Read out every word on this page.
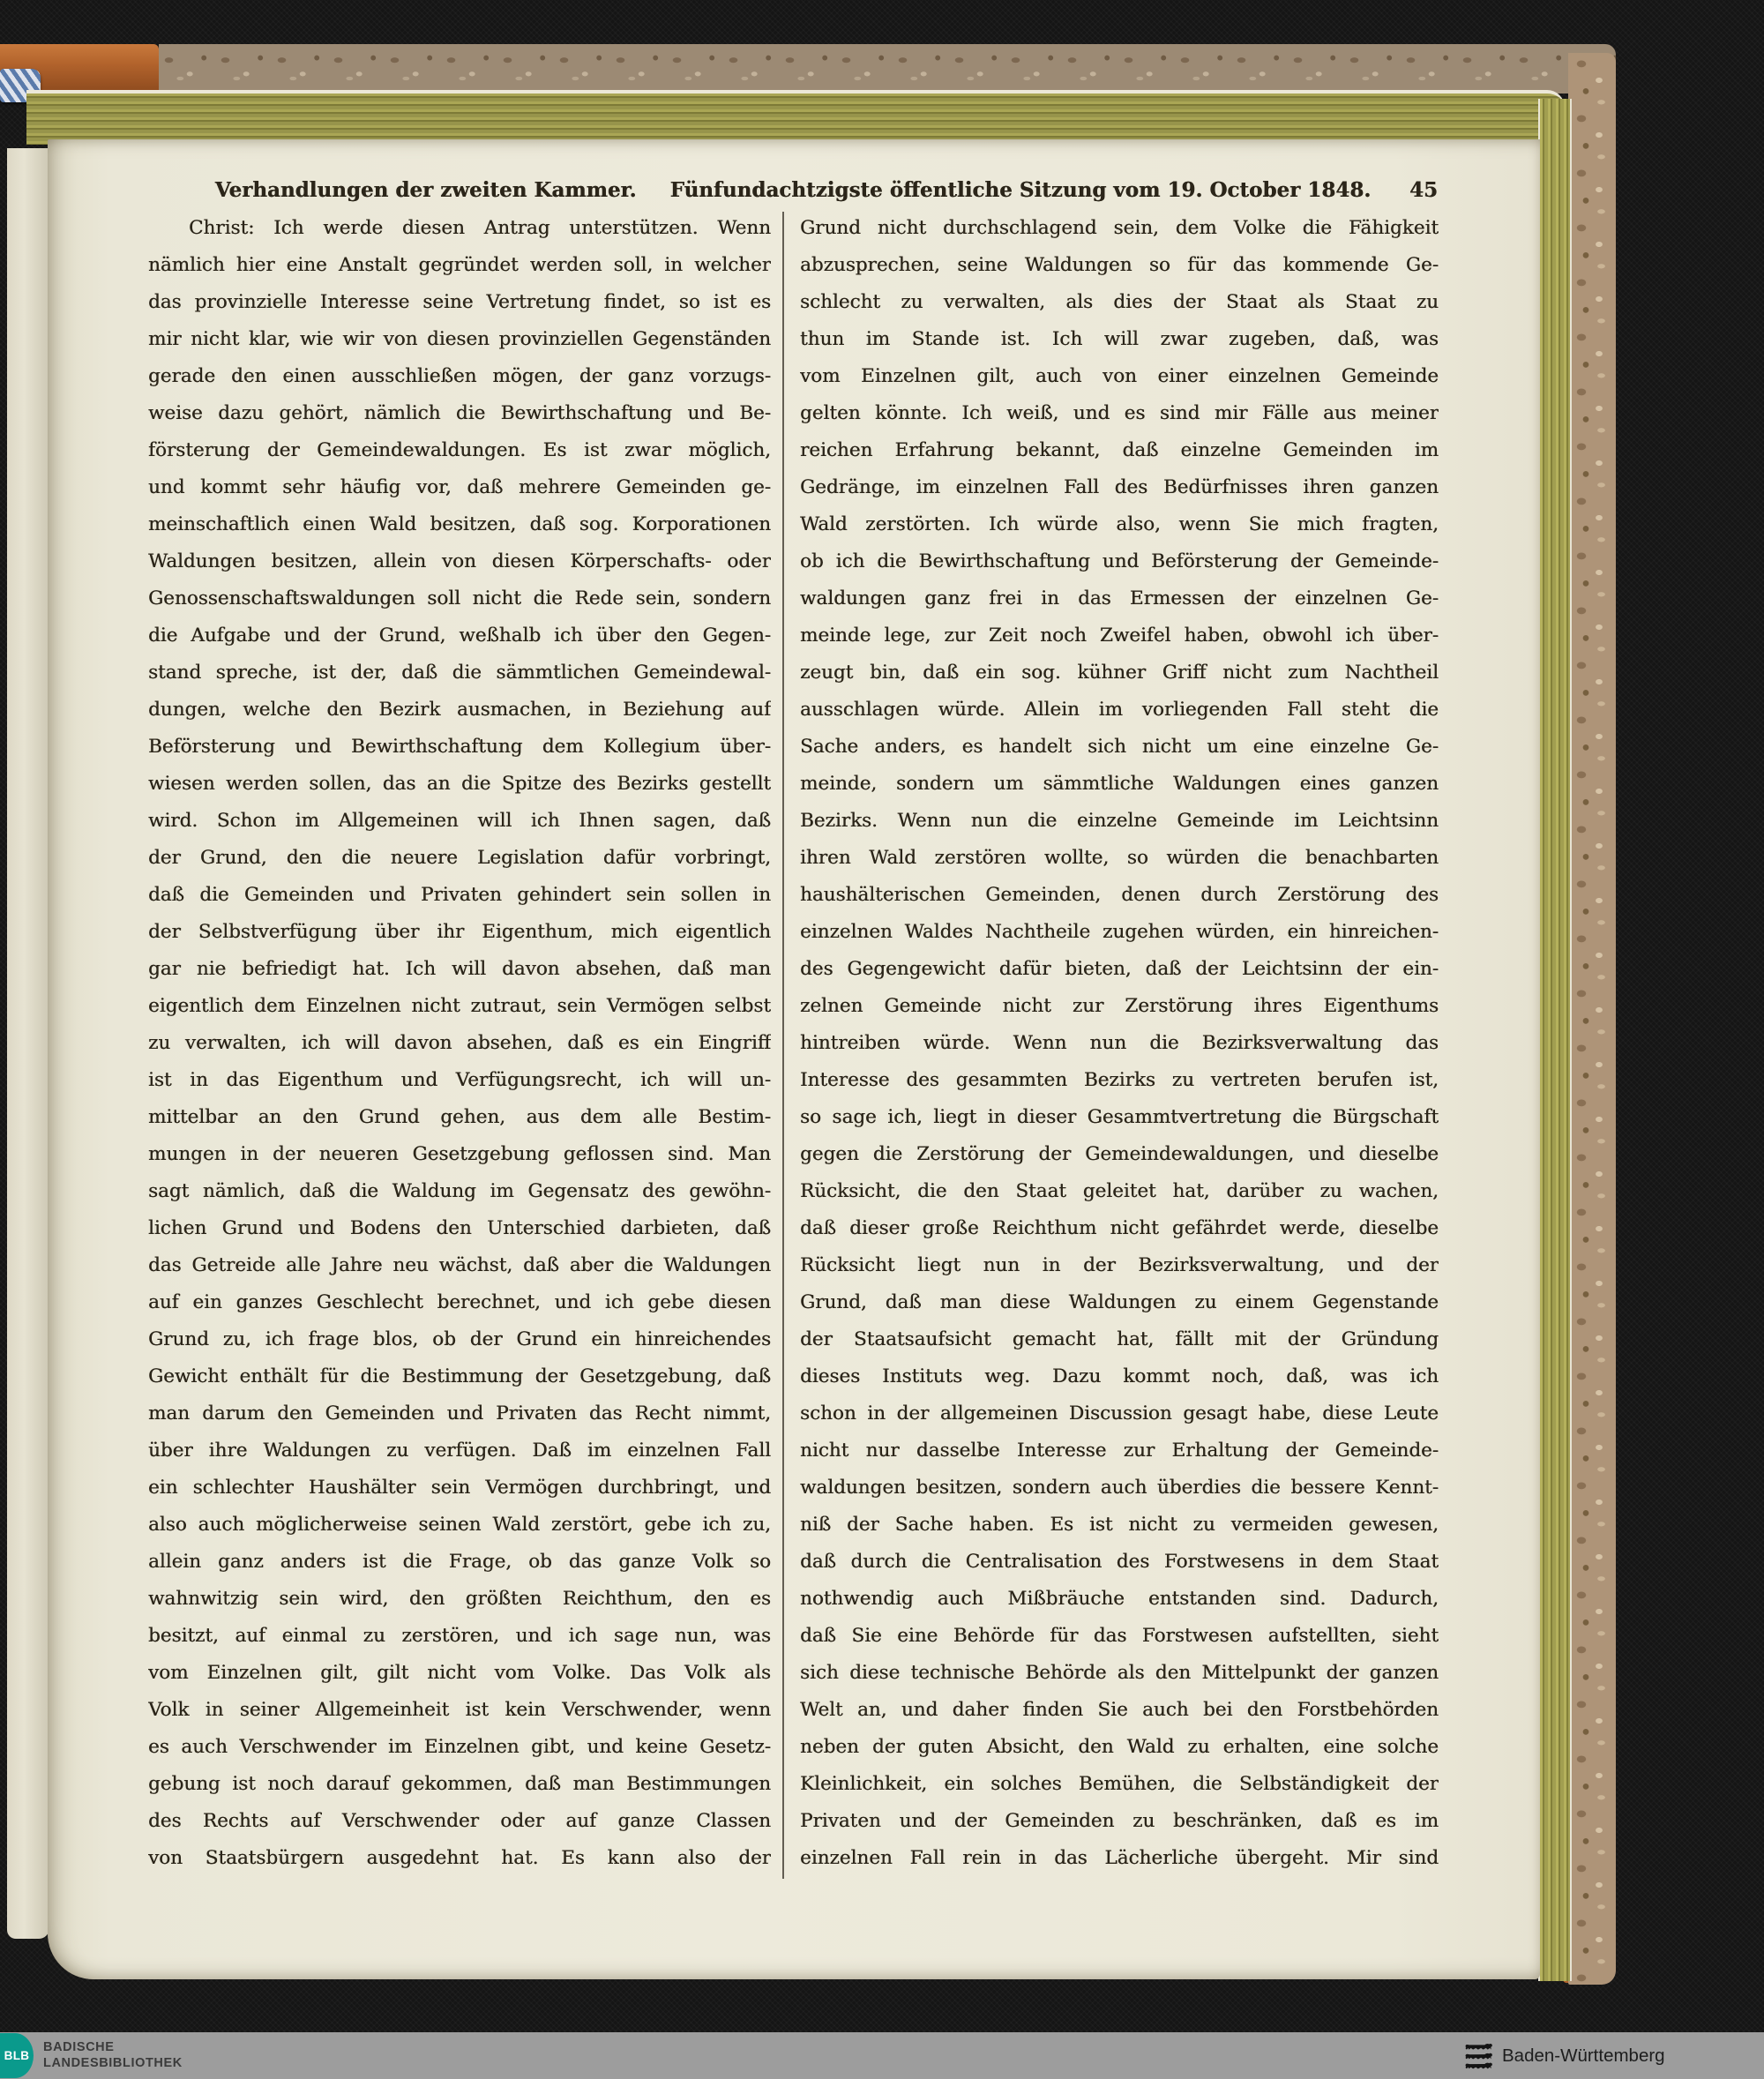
Verhandlungen der zweiten Kammer. Fünfundachtzigste öffentliche Sitzung vom 19. October 1848.	45
Christ: Ich werde diesen Antrag unterstützen. Wenn
nämlich hier eine Anstalt gegründet werden soll, in welcher
das provinzielle Interesse seine Vertretung findet, so ist es
mir nicht klar, wie wir von diesen provinziellen Gegenständen
gerade den einen ausschließen mögen, der ganz vorzugs-
weise dazu gehört, nämlich die Bewirthschaftung und Be-
försterung der Gemeindewaldungen. Es ist zwar möglich,
und kommt sehr häufig vor, daß mehrere Gemeinden ge-
meinschaftlich einen Wald besitzen, daß sog. Korporationen
Waldungen besitzen, allein von diesen Körperschafts- oder
Genossenschaftswaldungen soll nicht die Rede sein, sondern
die Aufgabe und der Grund, weßhalb ich über den Gegen-
stand spreche, ist der, daß die sämmtlichen Gemeindewal-
dungen, welche den Bezirk ausmachen, in Beziehung auf
Beförsterung und Bewirthschaftung dem Kollegium über-
wiesen werden sollen, das an die Spitze des Bezirks gestellt
wird. Schon im Allgemeinen will ich Ihnen sagen, daß
der Grund, den die neuere Legislation dafür vorbringt,
daß die Gemeinden und Privaten gehindert sein sollen in
der Selbstverfügung über ihr Eigenthum, mich eigentlich
gar nie befriedigt hat. Ich will davon absehen, daß man
eigentlich dem Einzelnen nicht zutraut, sein Vermögen selbst
zu verwalten, ich will davon absehen, daß es ein Eingriff
ist in das Eigenthum und Verfügungsrecht, ich will un-
mittelbar an den Grund gehen, aus dem alle Bestim-
mungen in der neueren Gesetzgebung geflossen sind. Man
sagt nämlich, daß die Waldung im Gegensatz des gewöhn-
lichen Grund und Bodens den Unterschied darbieten, daß
das Getreide alle Jahre neu wächst, daß aber die Waldungen
auf ein ganzes Geschlecht berechnet, und ich gebe diesen
Grund zu, ich frage blos, ob der Grund ein hinreichendes
Gewicht enthält für die Bestimmung der Gesetzgebung, daß
man darum den Gemeinden und Privaten das Recht nimmt,
über ihre Waldungen zu verfügen. Daß im einzelnen Fall
ein schlechter Haushälter sein Vermögen durchbringt, und
also auch möglicherweise seinen Wald zerstört, gebe ich zu,
allein ganz anders ist die Frage, ob das ganze Volk so
wahnwitzig sein wird, den größten Reichthum, den es
besitzt, auf einmal zu zerstören, und ich sage nun, was
vom Einzelnen gilt, gilt nicht vom Volke. Das Volk als
Volk in seiner Allgemeinheit ist kein Verschwender, wenn
es auch Verschwender im Einzelnen gibt, und keine Gesetz-
gebung ist noch darauf gekommen, daß man Bestimmungen
des Rechts auf Verschwender oder auf ganze Classen
von Staatsbürgern ausgedehnt hat. Es kann also der
Grund nicht durchschlagend sein, dem Volke die Fähigkeit
abzusprechen, seine Waldungen so für das kommende Ge-
schlecht zu verwalten, als dies der Staat als Staat zu
thun im Stande ist. Ich will zwar zugeben, daß, was
vom Einzelnen gilt, auch von einer einzelnen Gemeinde
gelten könnte. Ich weiß, und es sind mir Fälle aus meiner
reichen Erfahrung bekannt, daß einzelne Gemeinden im
Gedränge, im einzelnen Fall des Bedürfnisses ihren ganzen
Wald zerstörten. Ich würde also, wenn Sie mich fragten,
ob ich die Bewirthschaftung und Beförsterung der Gemeinde-
waldungen ganz frei in das Ermessen der einzelnen Ge-
meinde lege, zur Zeit noch Zweifel haben, obwohl ich über-
zeugt bin, daß ein sog. kühner Griff nicht zum Nachtheil
ausschlagen würde. Allein im vorliegenden Fall steht die
Sache anders, es handelt sich nicht um eine einzelne Ge-
meinde, sondern um sämmtliche Waldungen eines ganzen
Bezirks. Wenn nun die einzelne Gemeinde im Leichtsinn
ihren Wald zerstören wollte, so würden die benachbarten
haushälterischen Gemeinden, denen durch Zerstörung des
einzelnen Waldes Nachtheile zugehen würden, ein hinreichen-
des Gegengewicht dafür bieten, daß der Leichtsinn der ein-
zelnen Gemeinde nicht zur Zerstörung ihres Eigenthums
hintreiben würde. Wenn nun die Bezirksverwaltung das
Interesse des gesammten Bezirks zu vertreten berufen ist,
so sage ich, liegt in dieser Gesammtvertretung die Bürgschaft
gegen die Zerstörung der Gemeindewaldungen, und dieselbe
Rücksicht, die den Staat geleitet hat, darüber zu wachen,
daß dieser große Reichthum nicht gefährdet werde, dieselbe
Rücksicht liegt nun in der Bezirksverwaltung, und der
Grund, daß man diese Waldungen zu einem Gegenstande
der Staatsaufsicht gemacht hat, fällt mit der Gründung
dieses Instituts weg. Dazu kommt noch, daß, was ich
schon in der allgemeinen Discussion gesagt habe, diese Leute
nicht nur dasselbe Interesse zur Erhaltung der Gemeinde-
waldungen besitzen, sondern auch überdies die bessere Kennt-
niß der Sache haben. Es ist nicht zu vermeiden gewesen,
daß durch die Centralisation des Forstwesens in dem Staat
nothwendig auch Mißbräuche entstanden sind. Dadurch,
daß Sie eine Behörde für das Forstwesen aufstellten, sieht
sich diese technische Behörde als den Mittelpunkt der ganzen
Welt an, und daher finden Sie auch bei den Forstbehörden
neben der guten Absicht, den Wald zu erhalten, eine solche
Kleinlichkeit, ein solches Bemühen, die Selbständigkeit der
Privaten und der Gemeinden zu beschränken, daß es im
einzelnen Fall rein in das Lächerliche übergeht. Mir sind
BLB
BADISCHE
LANDESBIBLIOTHEK	Baden-Württemberg
